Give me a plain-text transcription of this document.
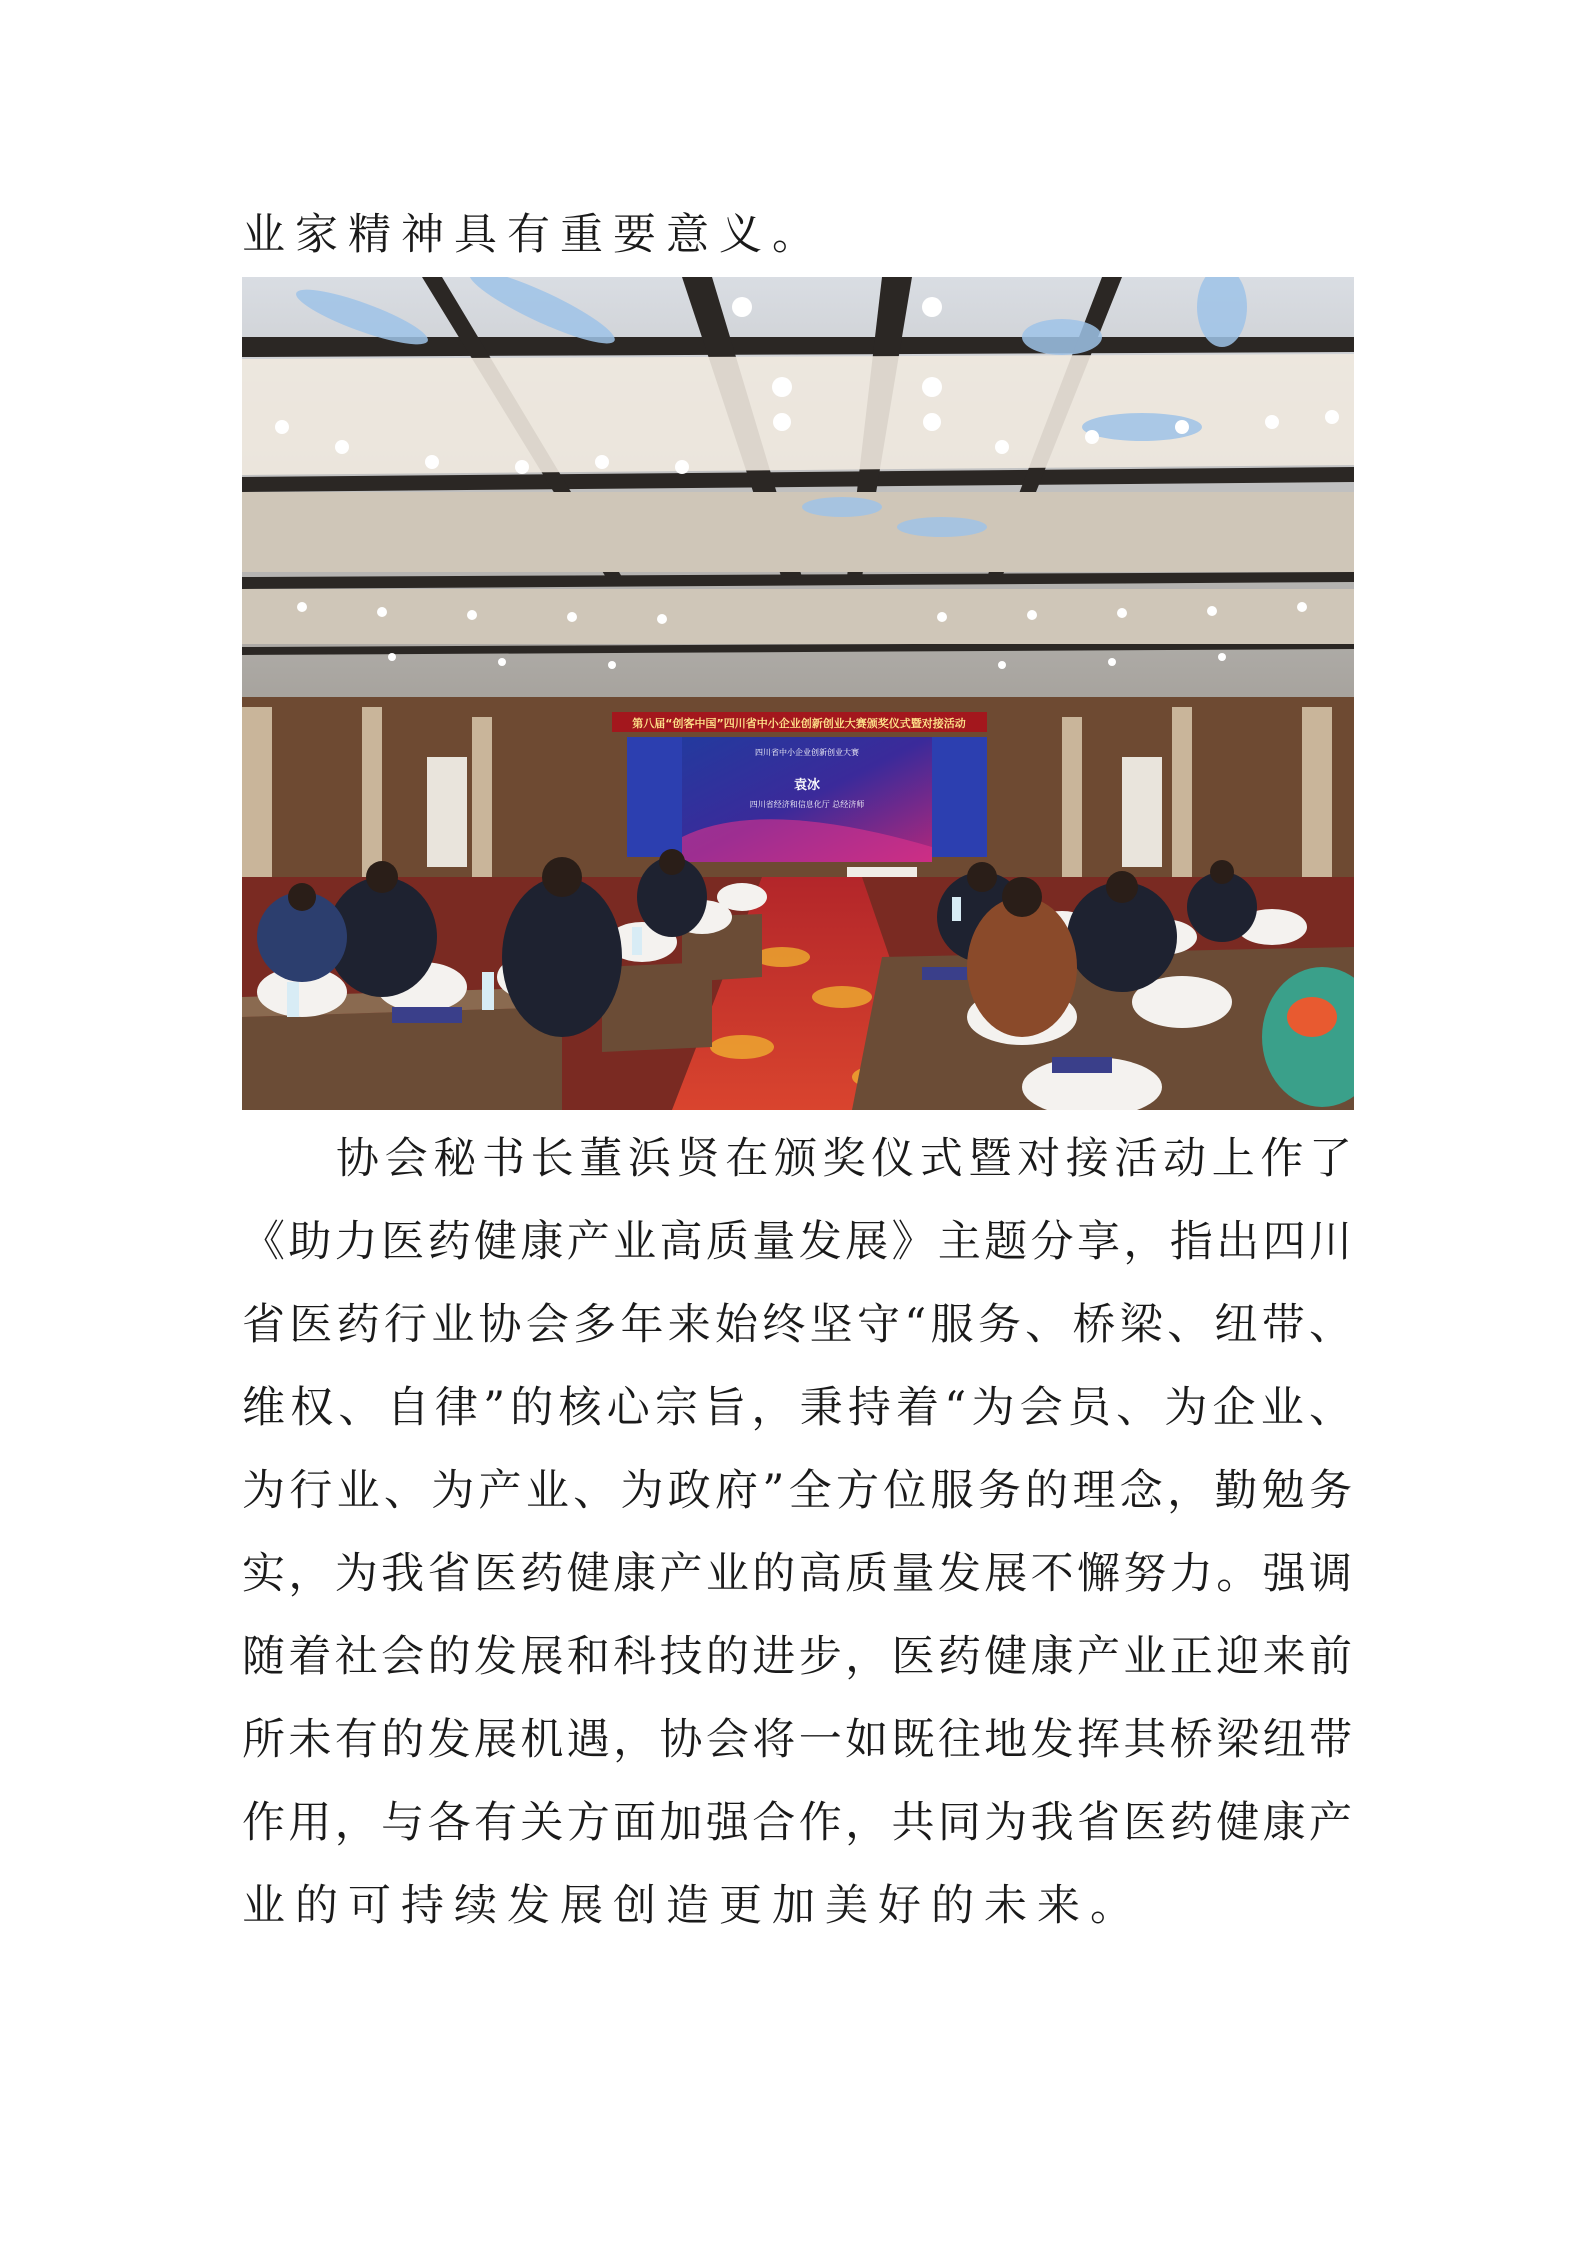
业家精神具有重要意义。
第八届“创客中国”四川省中小企业创新创业大赛颁奖仪式暨对接活动
四川省中小企业创新创业大赛
袁冰
四川省经济和信息化厅 总经济师
协会秘书长董浜贤在颁奖仪式暨对接活动上作了
《助力医药健康产业高质量发展》主题分享，指出四川
省医药行业协会多年来始终坚守“服务、桥梁、纽带、
维权、自律”的核心宗旨，秉持着“为会员、为企业、
为行业、为产业、为政府”全方位服务的理念，勤勉务
实，为我省医药健康产业的高质量发展不懈努力。强调
随着社会的发展和科技的进步，医药健康产业正迎来前
所未有的发展机遇，协会将一如既往地发挥其桥梁纽带
作用，与各有关方面加强合作，共同为我省医药健康产
业的可持续发展创造更加美好的未来。
